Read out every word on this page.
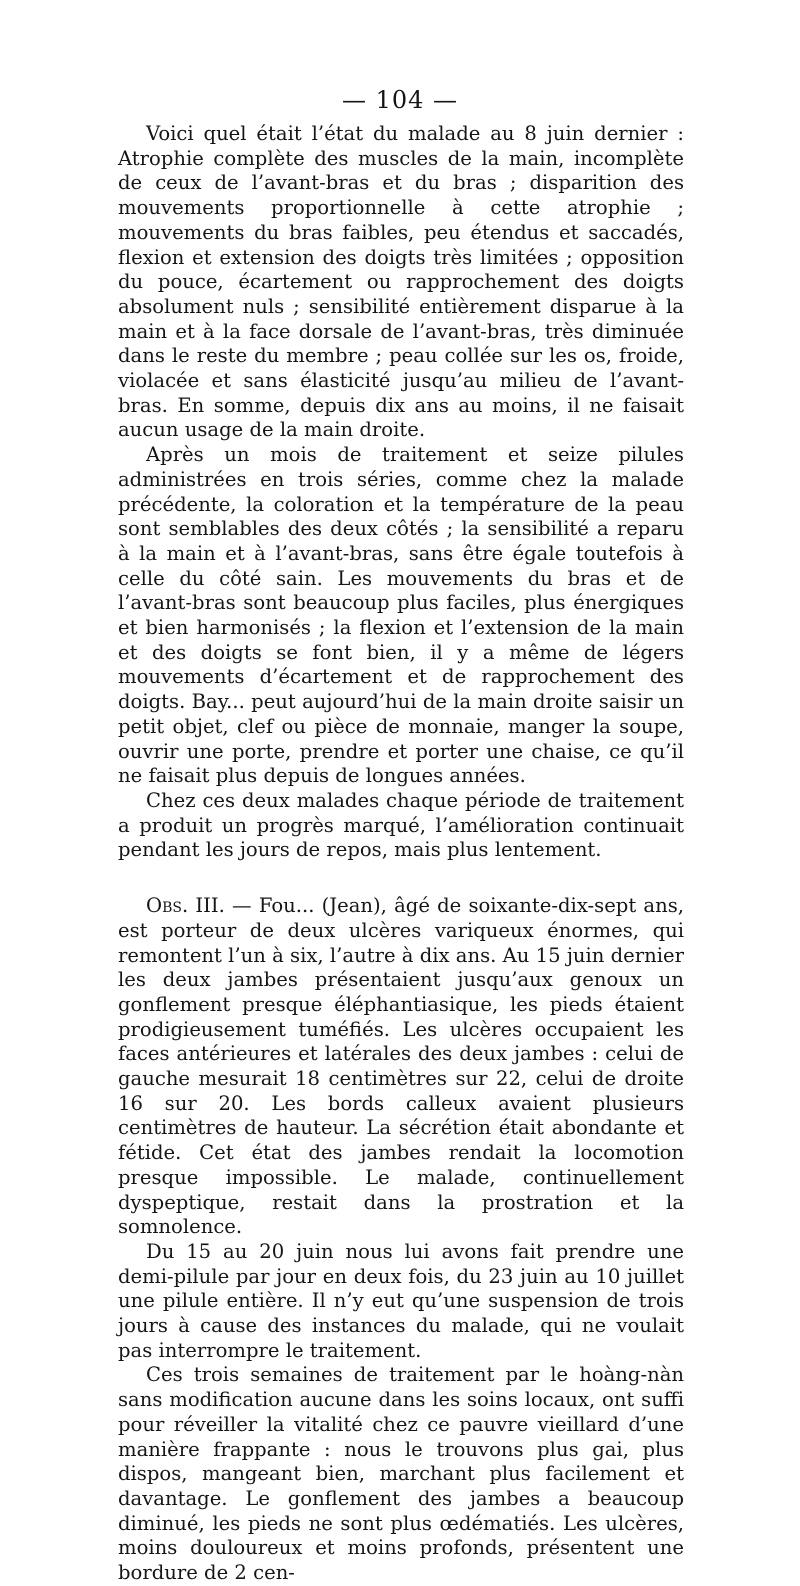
— 104 —

Voici quel était l’état du malade au 8 juin dernier : Atrophie complète des muscles de la main, incomplète de ceux de l’avant-bras et du bras ; disparition des mouvements proportionnelle à cette atrophie ; mouvements du bras faibles, peu étendus et saccadés, flexion et extension des doigts très limitées ; opposition du pouce, écartement ou rapprochement des doigts absolument nuls ; sensibilité entièrement disparue à la main et à la face dorsale de l’avant-bras, très diminuée dans le reste du membre ; peau collée sur les os, froide, violacée et sans élasticité jusqu’au milieu de l’avant-bras. En somme, depuis dix ans au moins, il ne faisait aucun usage de la main droite.

Après un mois de traitement et seize pilules administrées en trois séries, comme chez la malade précédente, la coloration et la température de la peau sont semblables des deux côtés ; la sensibilité a reparu à la main et à l’avant-bras, sans être égale toutefois à celle du côté sain. Les mouvements du bras et de l’avant-bras sont beaucoup plus faciles, plus énergiques et bien harmonisés ; la flexion et l’extension de la main et des doigts se font bien, il y a même de légers mouvements d’écartement et de rapprochement des doigts. Bay... peut aujourd’hui de la main droite saisir un petit objet, clef ou pièce de monnaie, manger la soupe, ouvrir une porte, prendre et porter une chaise, ce qu’il ne faisait plus depuis de longues années.

Chez ces deux malades chaque période de traitement a produit un progrès marqué, l’amélioration continuait pendant les jours de repos, mais plus lentement.

Obs. III. — Fou... (Jean), âgé de soixante-dix-sept ans, est porteur de deux ulcères variqueux énormes, qui remontent l’un à six, l’autre à dix ans. Au 15 juin dernier les deux jambes présentaient jusqu’aux genoux un gonflement presque éléphantiasique, les pieds étaient prodigieusement tuméfiés. Les ulcères occupaient les faces antérieures et latérales des deux jambes : celui de gauche mesurait 18 centimètres sur 22, celui de droite 16 sur 20. Les bords calleux avaient plusieurs centimètres de hauteur. La sécrétion était abondante et fétide. Cet état des jambes rendait la locomotion presque impossible. Le malade, continuellement dyspeptique, restait dans la prostration et la somnolence.

Du 15 au 20 juin nous lui avons fait prendre une demi-pilule par jour en deux fois, du 23 juin au 10 juillet une pilule entière. Il n’y eut qu’une suspension de trois jours à cause des instances du malade, qui ne voulait pas interrompre le traitement.

Ces trois semaines de traitement par le hoàng-nàn sans modification aucune dans les soins locaux, ont suffi pour réveiller la vitalité chez ce pauvre vieillard d’une manière frappante : nous le trouvons plus gai, plus dispos, mangeant bien, marchant plus facilement et davantage. Le gonflement des jambes a beaucoup diminué, les pieds ne sont plus œdématiés. Les ulcères, moins douloureux et moins profonds, présentent une bordure de 2 cen-
